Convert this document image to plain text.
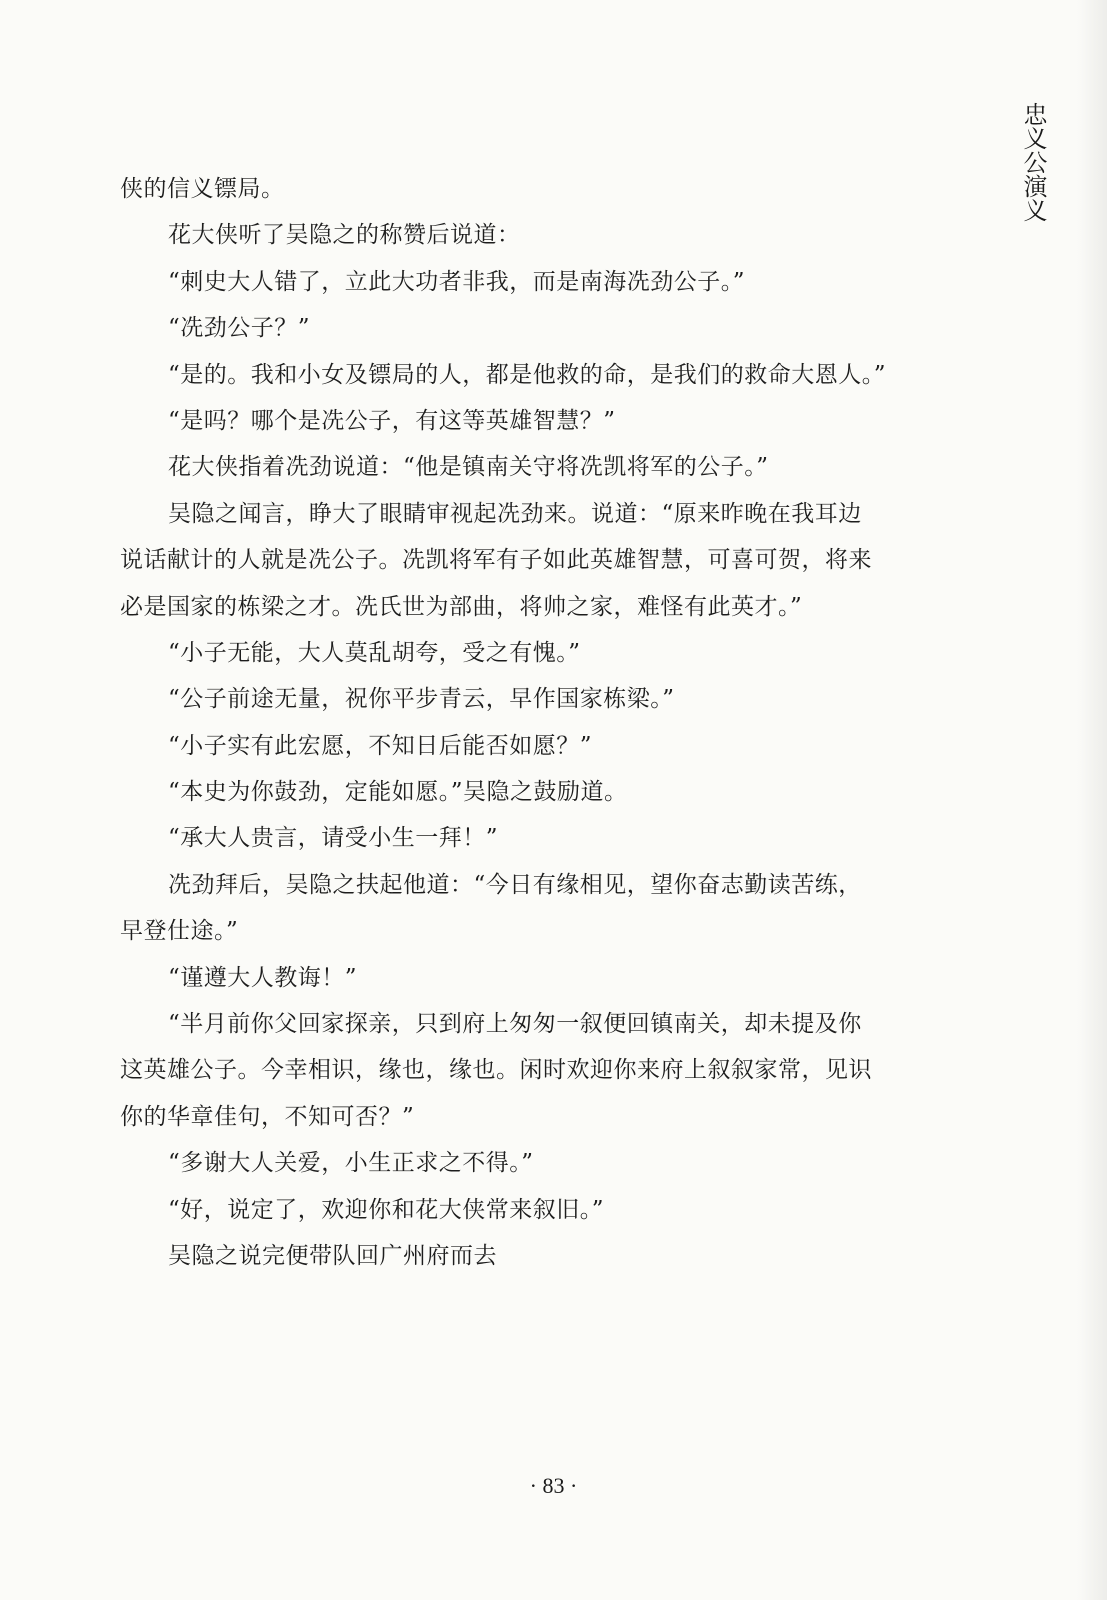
忠义公演义
侠的信义镖局。
花大侠听了吴隐之的称赞后说道：
“刺史大人错了，立此大功者非我，而是南海冼劲公子。”
“冼劲公子？”
“是的。我和小女及镖局的人，都是他救的命，是我们的救命大恩人。”
“是吗？哪个是冼公子，有这等英雄智慧？”
花大侠指着冼劲说道：“他是镇南关守将冼凯将军的公子。”
吴隐之闻言，睁大了眼睛审视起冼劲来。说道：“原来昨晚在我耳边
说话献计的人就是冼公子。冼凯将军有子如此英雄智慧，可喜可贺，将来
必是国家的栋梁之才。冼氏世为部曲，将帅之家，难怪有此英才。”
“小子无能，大人莫乱胡夸，受之有愧。”
“公子前途无量，祝你平步青云，早作国家栋梁。”
“小子实有此宏愿，不知日后能否如愿？”
“本史为你鼓劲，定能如愿。”吴隐之鼓励道。
“承大人贵言，请受小生一拜！”
冼劲拜后，吴隐之扶起他道：“今日有缘相见，望你奋志勤读苦练，
早登仕途。”
“谨遵大人教诲！”
“半月前你父回家探亲，只到府上匆匆一叙便回镇南关，却未提及你
这英雄公子。今幸相识，缘也，缘也。闲时欢迎你来府上叙叙家常，见识
你的华章佳句，不知可否？”
“多谢大人关爱，小生正求之不得。”
“好，说定了，欢迎你和花大侠常来叙旧。”
吴隐之说完便带队回广州府而去
· 83 ·
